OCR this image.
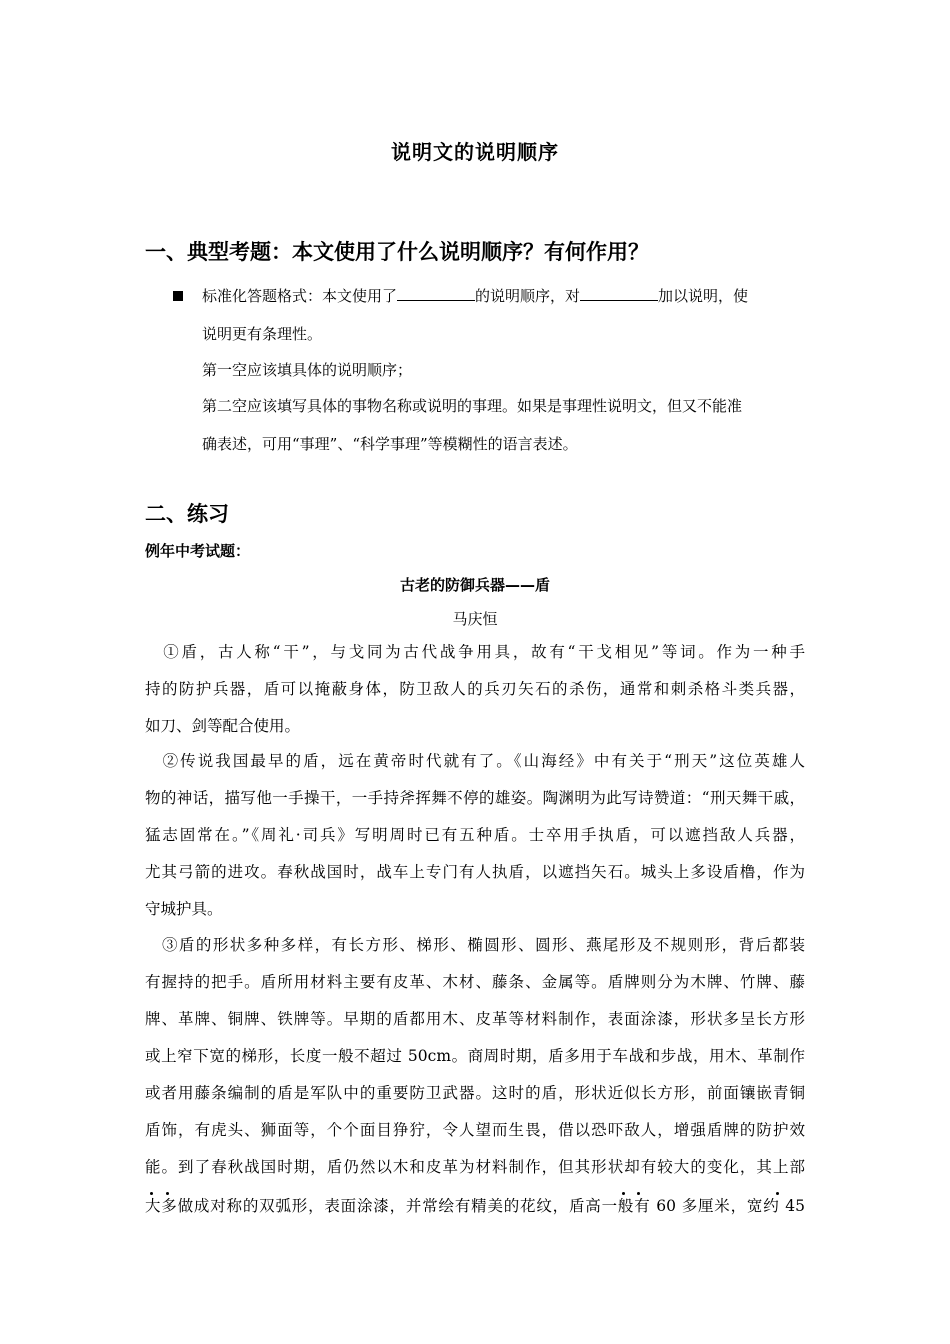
说明文的说明顺序
一、典型考题：本文使用了什么说明顺序？有何作用？
标准化答题格式：本文使用了	的说明顺序，对	加以说明，使
说明更有条理性。
第一空应该填具体的说明顺序；
第二空应该填写具体的事物名称或说明的事理。如果是事理性说明文，但又不能准
确表述，可用“事理”、“科学事理”等模糊性的语言表述。
二、练习
例年中考试题：
古老的防御兵器——盾
马庆恒
　①盾，古人称“干”，与戈同为古代战争用具，故有“干戈相见”等词。作为一种手
持的防护兵器，盾可以掩蔽身体，防卫敌人的兵刃矢石的杀伤，通常和刺杀格斗类兵器，
如刀、剑等配合使用。
　②传说我国最早的盾，远在黄帝时代就有了。《山海经》中有关于“刑天”这位英雄人
物的神话，描写他一手操干，一手持斧挥舞不停的雄姿。陶渊明为此写诗赞道：“刑天舞干戚，
猛志固常在。”《周礼·司兵》写明周时已有五种盾。士卒用手执盾，可以遮挡敌人兵器，
尤其弓箭的进攻。春秋战国时，战车上专门有人执盾，以遮挡矢石。城头上多设盾橹，作为
守城护具。
　③盾的形状多种多样，有长方形、梯形、椭圆形、圆形、燕尾形及不规则形，背后都装
有握持的把手。盾所用材料主要有皮革、木材、藤条、金属等。盾牌则分为木牌、竹牌、藤
牌、革牌、铜牌、铁牌等。早期的盾都用木、皮革等材料制作，表面涂漆，形状多呈长方形
或上窄下宽的梯形，长度一般不超过 50cm。商周时期，盾多用于车战和步战，用木、革制作
或者用藤条编制的盾是军队中的重要防卫武器。这时的盾，形状近似长方形，前面镶嵌青铜
盾饰，有虎头、狮面等，个个面目狰狞，令人望而生畏，借以恐吓敌人，增强盾牌的防护效
能。到了春秋战国时期，盾仍然以木和皮革为材料制作，但其形状却有较大的变化，其上部
大多做成对称的双弧形，表面涂漆，并常绘有精美的花纹，盾高一般有 60 多厘米，宽约 45
